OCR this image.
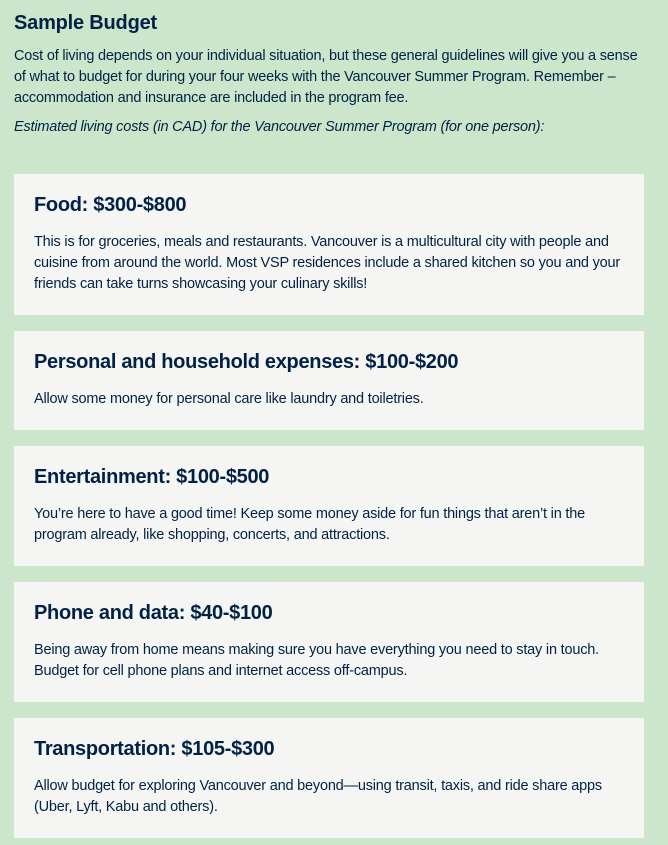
Sample Budget

Cost of living depends on your individual situation, but these general guidelines will give you a sense of what to budget for during your four weeks with the Vancouver Summer Program. Remember – accommodation and insurance are included in the program fee.

Estimated living costs (in CAD) for the Vancouver Summer Program (for one person):

Food: $300-$800

This is for groceries, meals and restaurants. Vancouver is a multicultural city with people and cuisine from around the world. Most VSP residences include a shared kitchen so you and your friends can take turns showcasing your culinary skills!

Personal and household expenses: $100-$200

Allow some money for personal care like laundry and toiletries.

Entertainment: $100-$500

You’re here to have a good time! Keep some money aside for fun things that aren’t in the program already, like shopping, concerts, and attractions.

Phone and data: $40-$100

Being away from home means making sure you have everything you need to stay in touch. Budget for cell phone plans and internet access off-campus.

Transportation: $105-$300

Allow budget for exploring Vancouver and beyond—using transit, taxis, and ride share apps (Uber, Lyft, Kabu and others).
